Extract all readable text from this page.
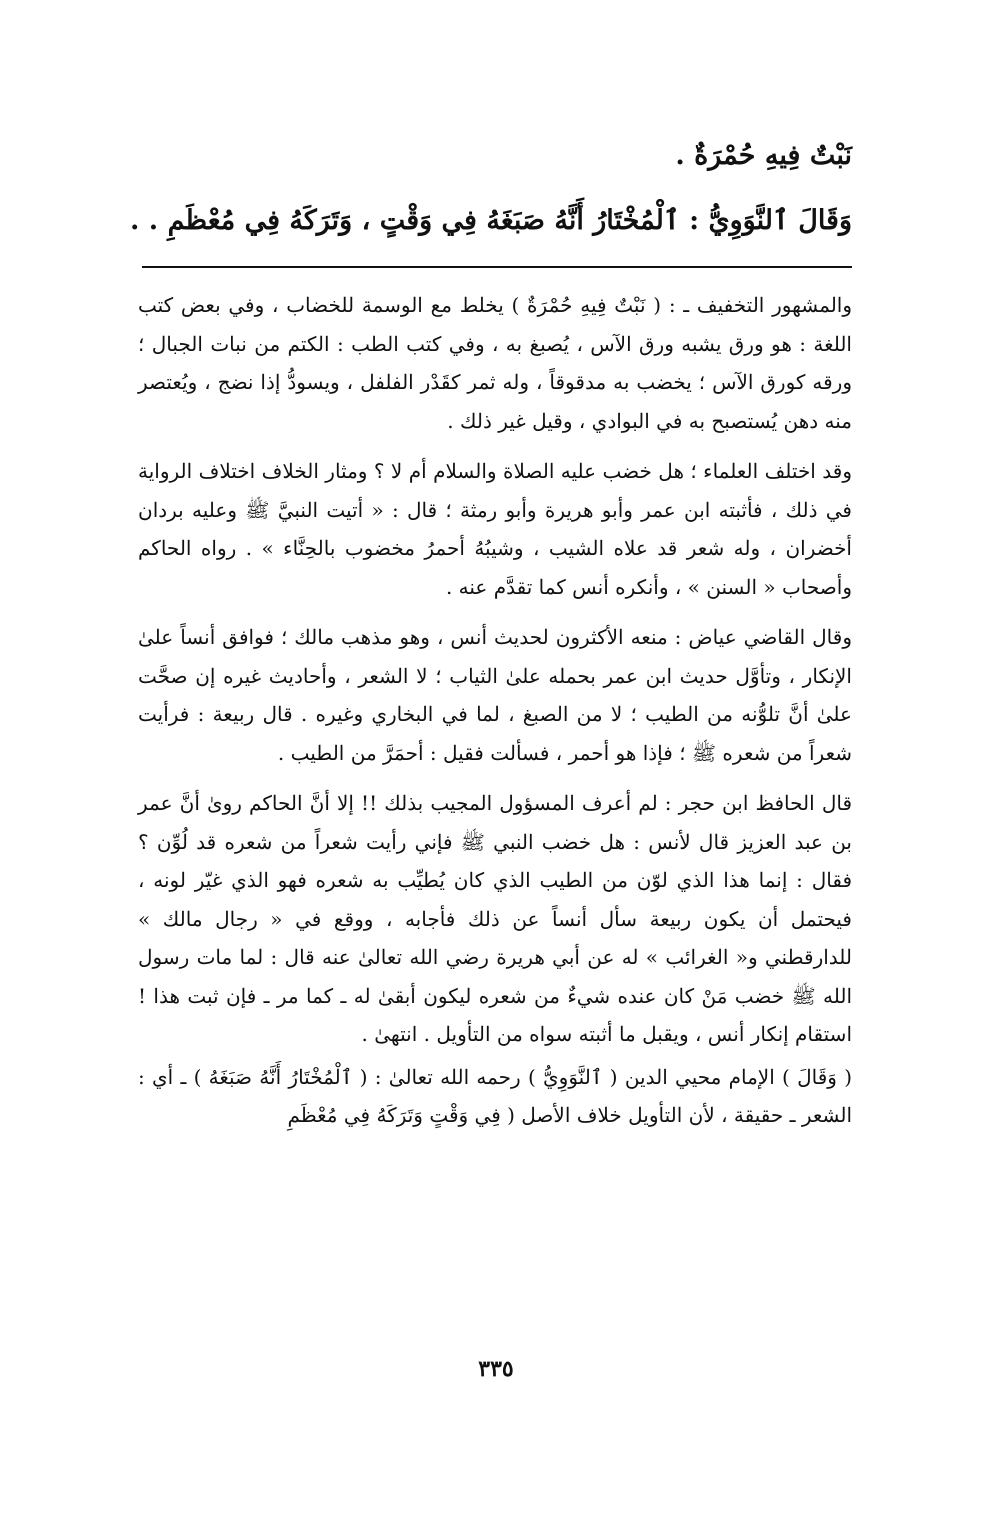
نَبْتٌ فِيهِ حُمْرَةٌ .
وَقَالَ ٱلنَّوَوِيُّ : ٱلْمُخْتَارُ أَنَّهُ صَبَغَهُ فِي وَقْتٍ ، وَتَرَكَهُ فِي مُعْظَمِ . .

والمشهور التخفيف ـ : ( نَبْتٌ فِيهِ حُمْرَةٌ ) يخلط مع الوسمة للخضاب ، وفي بعض كتب اللغة : هو ورق يشبه ورق الآس ، يُصبغ به ، وفي كتب الطب : الكتم من نبات الجبال ؛ ورقه كورق الآس ؛ يخضب به مدقوقاً ، وله ثمر كقَدْر الفلفل ، ويسودُّ إذا نضج ، ويُعتصر منه دهن يُستصبح به في البوادي ، وقيل غير ذلك .

وقد اختلف العلماء ؛ هل خضب عليه الصلاة والسلام أم لا ؟ ومثار الخلاف اختلاف الرواية في ذلك ، فأثبته ابن عمر وأبو هريرة وأبو رمثة ؛ قال : « أتيت النبيَّ ﷺ وعليه بردان أخضران ، وله شعر قد علاه الشيب ، وشيبُهُ أحمرُ مخضوب بالحِنَّاء » . رواه الحاكم وأصحاب « السنن » ، وأنكره أنس كما تقدَّم عنه .

وقال القاضي عياض : منعه الأكثرون لحديث أنس ، وهو مذهب مالك ؛ فوافق أنساً علىٰ الإنكار ، وتأوَّل حديث ابن عمر بحمله علىٰ الثياب ؛ لا الشعر ، وأحاديث غيره إن صحَّت علىٰ أنَّ تلوُّنه من الطيب ؛ لا من الصبغ ، لما في البخاري وغيره . قال ربيعة : فرأيت شعراً من شعره ﷺ ؛ فإذا هو أحمر ، فسألت فقيل : أحمَرَّ من الطيب .

قال الحافظ ابن حجر : لم أعرف المسؤول المجيب بذلك !! إلا أنَّ الحاكم روىٰ أنَّ عمر بن عبد العزيز قال لأنس : هل خضب النبي ﷺ فإني رأيت شعراً من شعره قد لُوِّن ؟ فقال : إنما هذا الذي لوّن من الطيب الذي كان يُطيِّب به شعره فهو الذي غيّر لونه ، فيحتمل أن يكون ربيعة سأل أنساً عن ذلك فأجابه ، ووقع في « رجال مالك » للدارقطني و« الغرائب » له عن أبي هريرة رضي الله تعالىٰ عنه قال : لما مات رسول الله ﷺ خضب مَنْ كان عنده شيءٌ من شعره ليكون أبقىٰ له ـ كما مر ـ فإن ثبت هذا ! استقام إنكار أنس ، ويقبل ما أثبته سواه من التأويل . انتهىٰ .

( وَقَالَ ) الإمام محيي الدين ( ٱلنَّوَوِيُّ ) رحمه الله تعالىٰ : ( ٱلْمُخْتَارُ أَنَّهُ صَبَغَهُ ) ـ أي : الشعر ـ حقيقة ، لأن التأويل خلاف الأصل ( فِي وَقْتٍ وَتَرَكَهُ فِي مُعْظَمِ

٣٣٥
